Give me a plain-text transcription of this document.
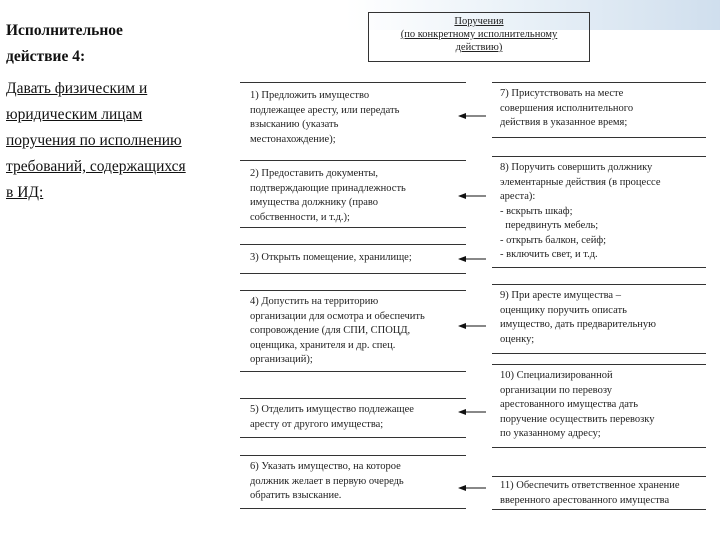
Исполнительное
действие 4:
Давать физическим и
юридическим лицам
поручения по исполнению
требований, содержащихся
в ИД:
Поручения
(по конкретному исполнительному
действию)
1) Предложить имущество
подлежащее аресту, или передать
взысканию (указать
местонахождение);
2) Предоставить документы,
подтверждающие принадлежность
имущества должнику (право
собственности, и т.д.);
3) Открыть помещение, хранилище;
4) Допустить на территорию
организации для осмотра и обеспечить
сопровождение (для СПИ, СПОЦД,
оценщика, хранителя и др. спец.
организаций);
5) Отделить имущество подлежащее
аресту от другого имущества;
6) Указать имущество, на которое
должник желает в первую очередь
обратить взыскание.
7) Присутствовать на месте
совершения исполнительного
действия в указанное время;
8) Поручить совершить должнику
элементарные действия (в процессе
ареста):
- вскрыть шкаф;
передвинуть мебель;
- открыть балкон, сейф;
- включить свет, и т.д.
9) При аресте имущества –
оценщику поручить описать
имущество, дать предварительную
оценку;
10) Специализированной
организации по перевозу
арестованного имущества дать
поручение осуществить перевозку
по указанному адресу;
11) Обеспечить ответственное хранение
вверенного арестованного имущества
